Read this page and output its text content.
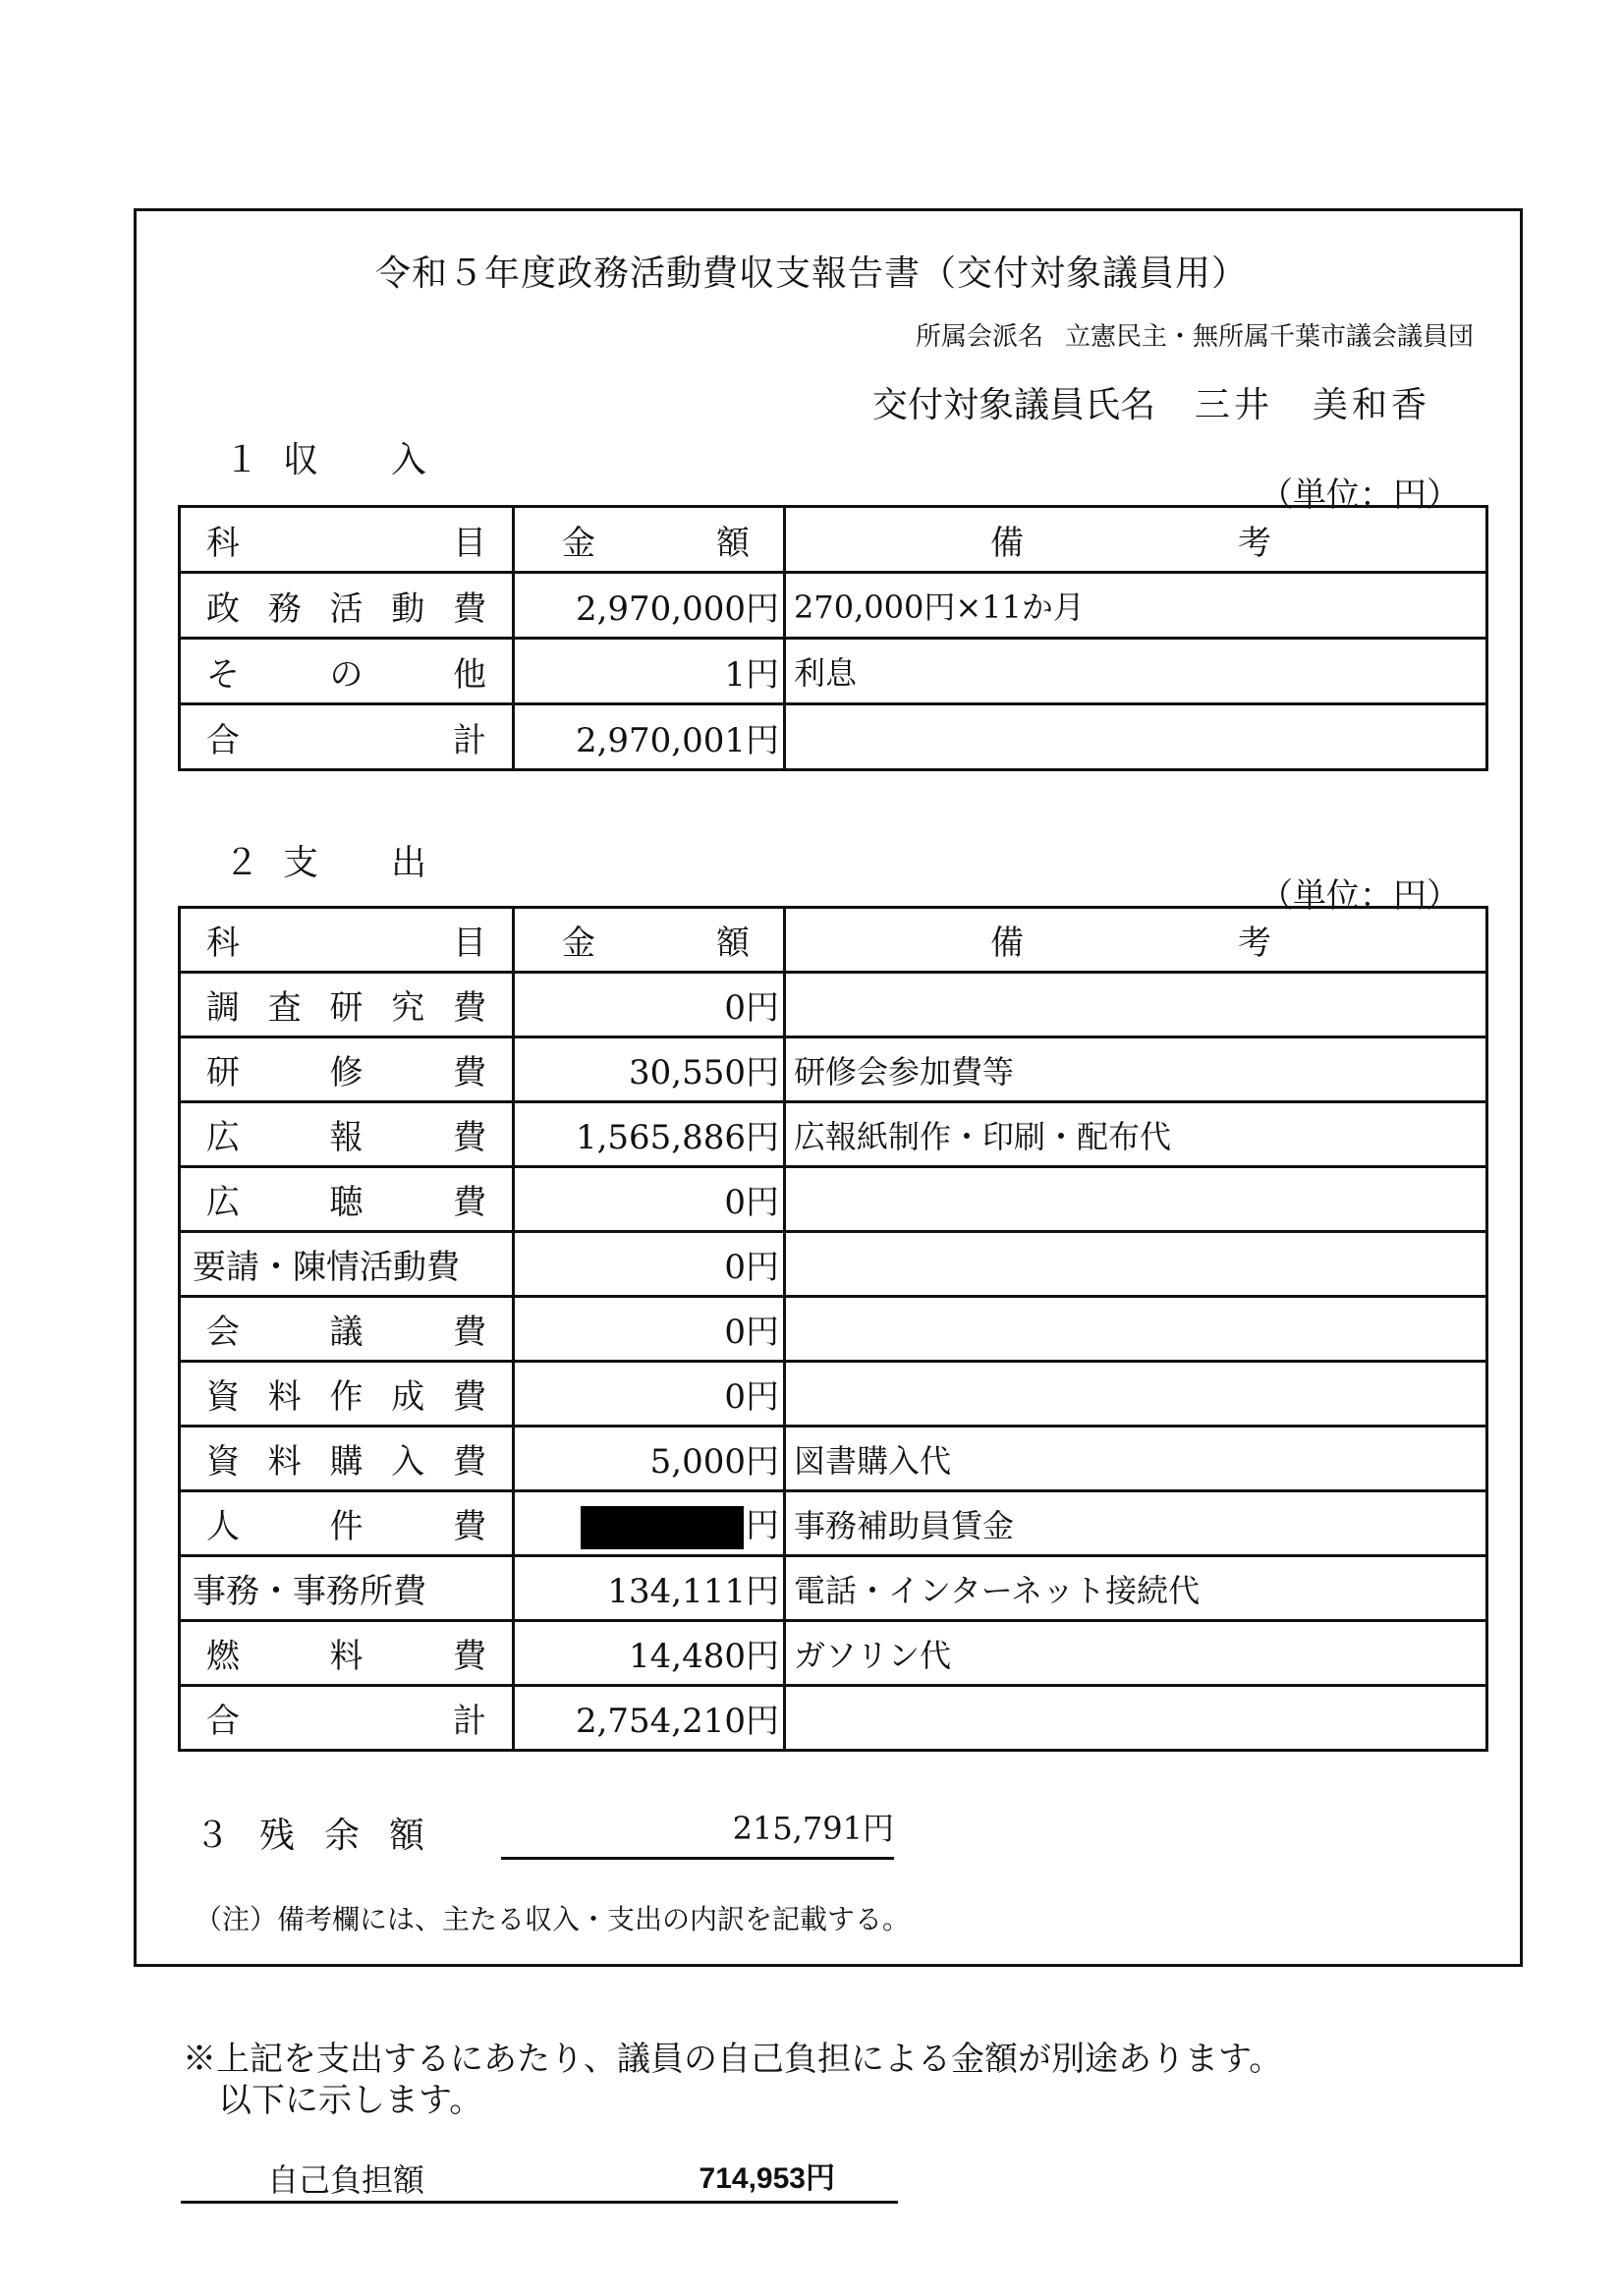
令和５年度政務活動費収支報告書（交付対象議員用）
所属会派名 立憲民主・無所属千葉市議会議員団
交付対象議員氏名 三井　美和香
１ 収 入
（単位：円）
科 目	金 額	備 考

政 務 活 動 費	2,970,000円	270,000円×11か月

そ の 他	1円	利息

合 計	2,970,001円	
２ 支 出
（単位：円）
科 目	金 額	備 考

調 査 研 究 費	0円	

研 修 費	30,550円	研修会参加費等

広 報 費	1,565,886円	広報紙制作・印刷・配布代

広 聴 費	0円	

要請・陳情活動費	0円	

会 議 費	0円	

資 料 作 成 費	0円	

資 料 購 入 費	5,000円	図書購入代

人 件 費	円	事務補助員賃金

事務・事務所費	134,111円	電話・インターネット接続代

燃 料 費	14,480円	ガソリン代

合 計	2,754,210円	
３ 残 余 額	215,791円
（注）備考欄には、主たる収入・支出の内訳を記載する。
※上記を支出するにあたり、議員の自己負担による金額が別途あります。
以下に示します。
自己負担額	714,953円
